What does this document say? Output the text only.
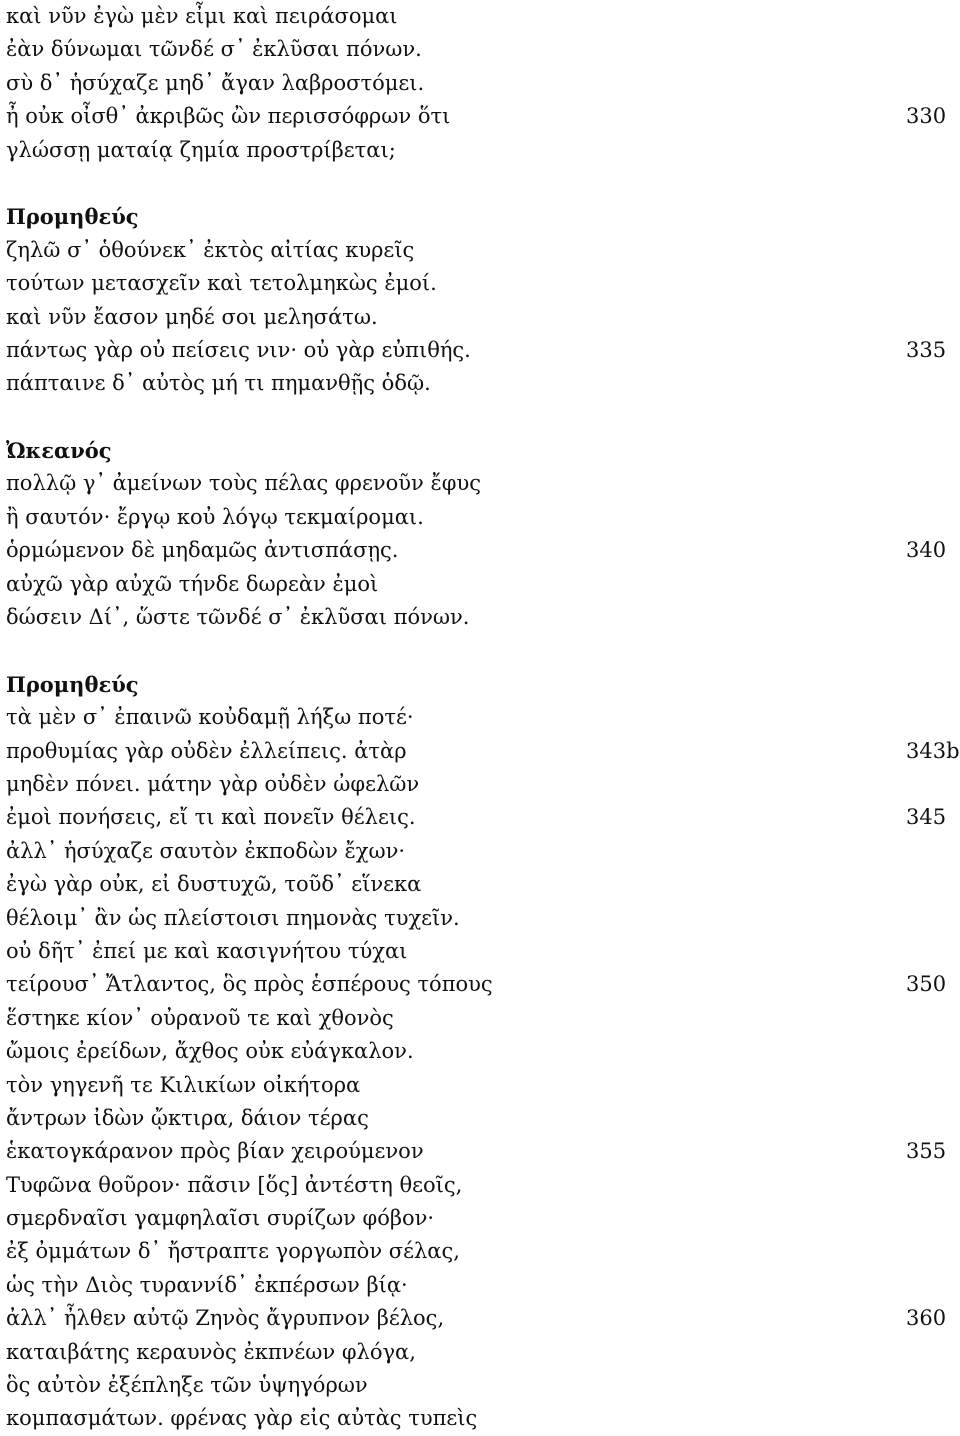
καὶ νῦν ἐγὼ μὲν εἶμι καὶ πειράσομαι
ἐὰν δύνωμαι τῶνδέ σ᾽ ἐκλῦσαι πόνων.
σὺ δ᾽ ἡσύχαζε μηδ᾽ ἄγαν λαβροστόμει.
ἦ οὐκ οἶσθ᾽ ἀκριβῶς ὢν περισσόφρων ὅτι	330
γλώσσῃ ματαίᾳ ζημία προστρίβεται;
Προμηθεύς
ζηλῶ σ᾽ ὁθούνεκ᾽ ἐκτὸς αἰτίας κυρεῖς
τούτων μετασχεῖν καὶ τετολμηκὼς ἐμοί.
καὶ νῦν ἔασον μηδέ σοι μελησάτω.
πάντως γὰρ οὐ πείσεις νιν· οὐ γὰρ εὐπιθής.	335
πάπταινε δ᾽ αὐτὸς μή τι πημανθῇς ὁδῷ.
Ὠκεανός
πολλῷ γ᾽ ἀμείνων τοὺς πέλας φρενοῦν ἔφυς
ἢ σαυτόν· ἔργῳ κοὐ λόγῳ τεκμαίρομαι.
ὁρμώμενον δὲ μηδαμῶς ἀντισπάσῃς.	340
αὐχῶ γὰρ αὐχῶ τήνδε δωρεὰν ἐμοὶ
δώσειν Δί᾽, ὥστε τῶνδέ σ᾽ ἐκλῦσαι πόνων.
Προμηθεύς
τὰ μὲν σ᾽ ἐπαινῶ κοὐδαμῇ λήξω ποτέ·
προθυμίας γὰρ οὐδὲν ἐλλείπεις. ἀτὰρ	343b
μηδὲν πόνει. μάτην γὰρ οὐδὲν ὠφελῶν
ἐμοὶ πονήσεις, εἴ τι καὶ πονεῖν θέλεις.	345
ἀλλ᾽ ἡσύχαζε σαυτὸν ἐκποδὼν ἔχων·
ἐγὼ γὰρ οὐκ, εἰ δυστυχῶ, τοῦδ᾽ εἵνεκα
θέλοιμ᾽ ἂν ὡς πλείστοισι πημονὰς τυχεῖν.
οὐ δῆτ᾽ ἐπεί με καὶ κασιγνήτου τύχαι
τείρουσ᾽ Ἄτλαντος, ὃς πρὸς ἑσπέρους τόπους	350
ἕστηκε κίον᾽ οὐρανοῦ τε καὶ χθονὸς
ὤμοις ἐρείδων, ἄχθος οὐκ εὐάγκαλον.
τὸν γηγενῆ τε Κιλικίων οἰκήτορα
ἄντρων ἰδὼν ᾤκτιρα, δάιον τέρας
ἑκατογκάρανον πρὸς βίαν χειρούμενον	355
Τυφῶνα θοῦρον· πᾶσιν [ὅς] ἀντέστη θεοῖς,
σμερδναῖσι γαμφηλαῖσι συρίζων φόβον·
ἐξ ὀμμάτων δ᾽ ἤστραπτε γοργωπὸν σέλας,
ὡς τὴν Διὸς τυραννίδ᾽ ἐκπέρσων βίᾳ·
ἀλλ᾽ ἦλθεν αὐτῷ Ζηνὸς ἄγρυπνον βέλος,	360
καταιβάτης κεραυνὸς ἐκπνέων φλόγα,
ὃς αὐτὸν ἐξέπληξε τῶν ὑψηγόρων
κομπασμάτων. φρένας γὰρ εἰς αὐτὰς τυπεὶς
